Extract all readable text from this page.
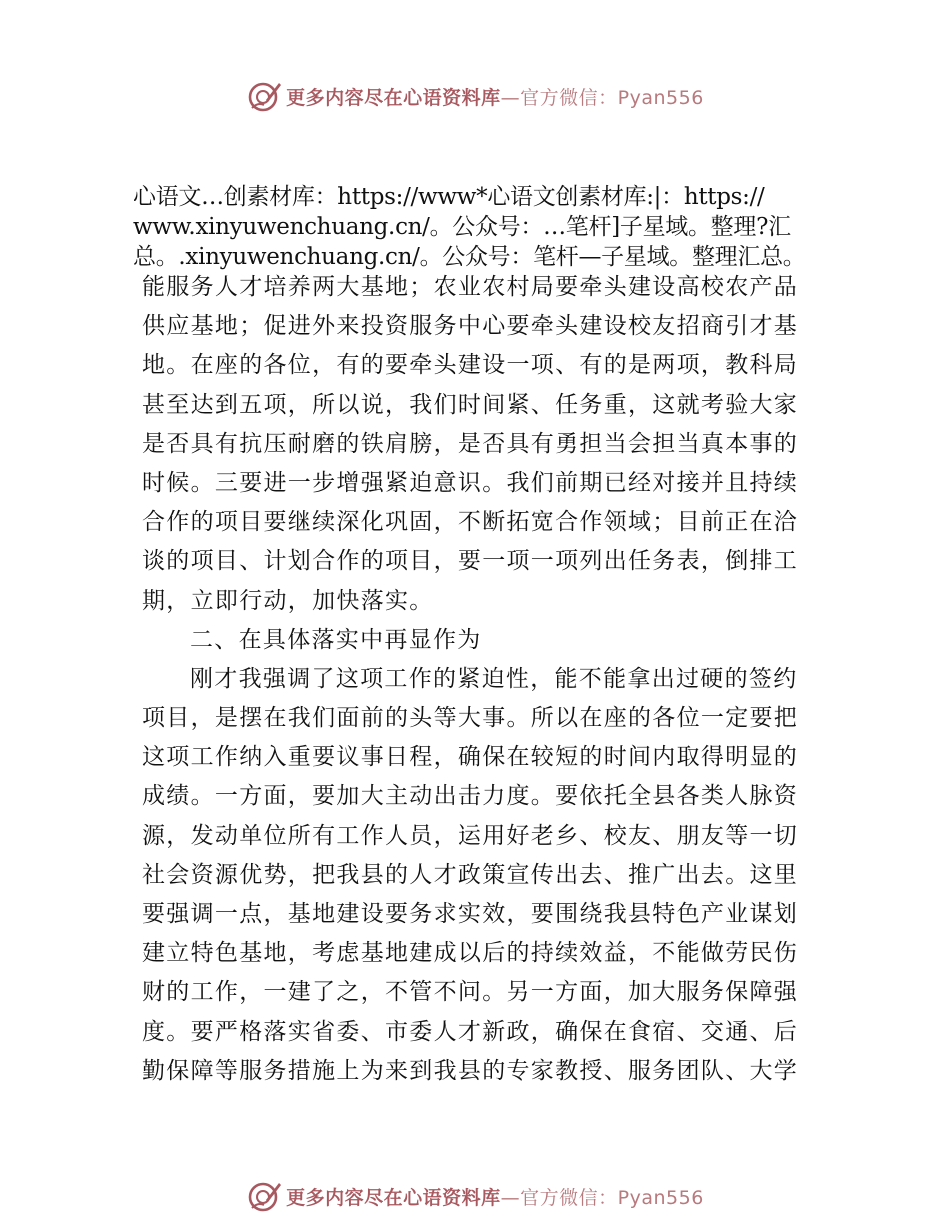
更多内容尽在心语资料库—官方微信：Pyan556
心语文…创素材库：https://www*心语文创素材库:|：https://
www.xinyuwenchuang.cn/。公众号：…笔杆]子星域。整理?汇
总。.xinyuwenchuang.cn/。公众号：笔杆—子星域。整理汇总。
能服务人才培养两大基地；农业农村局要牵头建设高校农产品
供应基地；促进外来投资服务中心要牵头建设校友招商引才基
地。在座的各位，有的要牵头建设一项、有的是两项，教科局
甚至达到五项，所以说，我们时间紧、任务重，这就考验大家
是否具有抗压耐磨的铁肩膀，是否具有勇担当会担当真本事的
时候。三要进一步增强紧迫意识。我们前期已经对接并且持续
合作的项目要继续深化巩固，不断拓宽合作领域；目前正在洽
谈的项目、计划合作的项目，要一项一项列出任务表，倒排工
期，立即行动，加快落实。
二、在具体落实中再显作为
刚才我强调了这项工作的紧迫性，能不能拿出过硬的签约
项目，是摆在我们面前的头等大事。所以在座的各位一定要把
这项工作纳入重要议事日程，确保在较短的时间内取得明显的
成绩。一方面，要加大主动出击力度。要依托全县各类人脉资
源，发动单位所有工作人员，运用好老乡、校友、朋友等一切
社会资源优势，把我县的人才政策宣传出去、推广出去。这里
要强调一点，基地建设要务求实效，要围绕我县特色产业谋划
建立特色基地，考虑基地建成以后的持续效益，不能做劳民伤
财的工作，一建了之，不管不问。另一方面，加大服务保障强
度。要严格落实省委、市委人才新政，确保在食宿、交通、后
勤保障等服务措施上为来到我县的专家教授、服务团队、大学
更多内容尽在心语资料库—官方微信：Pyan556
